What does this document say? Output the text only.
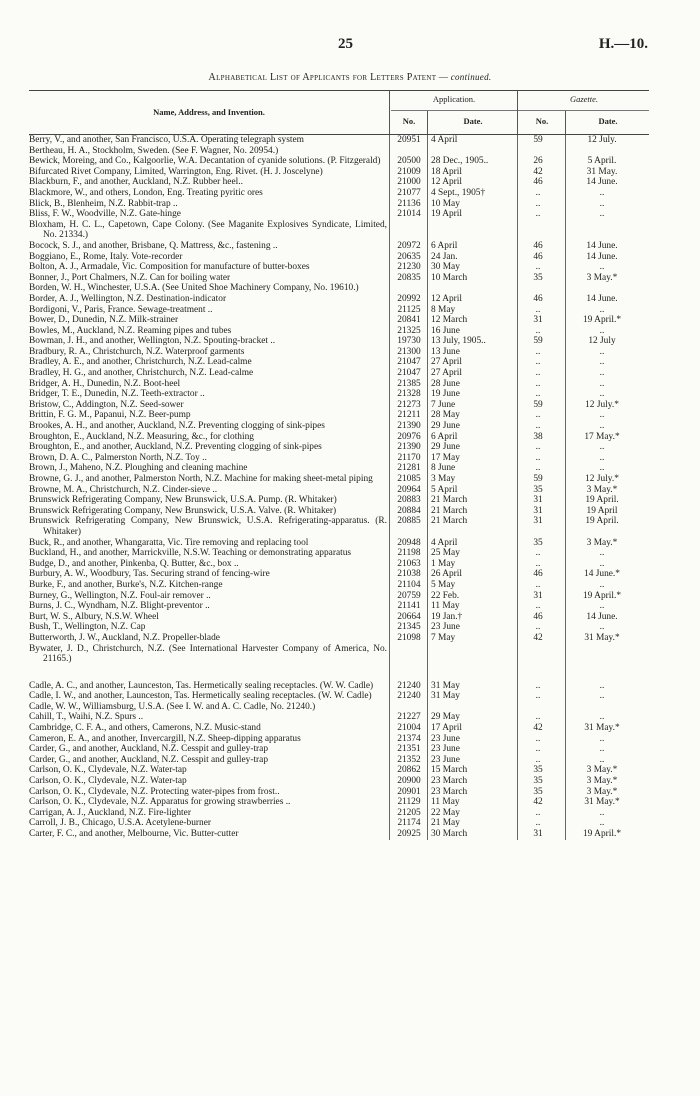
25	H.—10.
Alphabetical List of Applicants for Letters Patent — continued.
Name, Address, and Invention.
Application.	Gazette.
No.	Date.	No.	Date.
Berry, V., and another, San Francisco, U.S.A. Operating telegraph system	20951	4 April	59	12 July.
Bertheau, H. A., Stockholm, Sweden. (See F. Wagner, No. 20954.)
Bewick, Moreing, and Co., Kalgoorlie, W.A. Decantation of cyanide solutions. (P. Fitzgerald)	20500	28 Dec., 1905..	26	5 April.
Bifurcated Rivet Company, Limited, Warrington, Eng. Rivet. (H. J. Joscelyne)	21009	18 April	42	31 May.
Blackburn, F., and another, Auckland, N.Z. Rubber heel..	21000	12 April	46	14 June.
Blackmore, W., and others, London, Eng. Treating pyritic ores	21077	4 Sept., 1905†	..	..
Blick, B., Blenheim, N.Z. Rabbit-trap ..	21136	10 May	..	..
Bliss, F. W., Woodville, N.Z. Gate-hinge	21014	19 April	..	..
Bloxham, H. C. L., Capetown, Cape Colony. (See Maganite Explosives Syndicate, Limited, No. 21334.)
Bocock, S. J., and another, Brisbane, Q. Mattress, &c., fastening ..	20972	6 April	46	14 June.
Boggiano, E., Rome, Italy. Vote-recorder	20635	24 Jan.	46	14 June.
Bolton, A. J., Armadale, Vic. Composition for manufacture of butter-boxes	21230	30 May	..	..
Bonner, J., Port Chalmers, N.Z. Can for boiling water	20835	10 March	35	3 May.*
Borden, W. H., Winchester, U.S.A. (See United Shoe Machinery Company, No. 19610.)
Border, A. J., Wellington, N.Z. Destination-indicator	20992	12 April	46	14 June.
Bordigoni, V., Paris, France. Sewage-treatment ..	21125	8 May	..	..
Bower, D., Dunedin, N.Z. Milk-strainer	20841	12 March	31	19 April.*
Bowles, M., Auckland, N.Z. Reaming pipes and tubes	21325	16 June	..	..
Bowman, J. H., and another, Wellington, N.Z. Spouting-bracket ..	19730	13 July, 1905..	59	12 July
Bradbury, R. A., Christchurch, N.Z. Waterproof garments	21300	13 June	..	..
Bradley, A. E., and another, Christchurch, N.Z. Lead-calme	21047	27 April	..	..
Bradley, H. G., and another, Christchurch, N.Z. Lead-calme	21047	27 April	..	..
Bridger, A. H., Dunedin, N.Z. Boot-heel	21385	28 June	..	..
Bridger, T. E., Dunedin, N.Z. Teeth-extractor ..	21328	19 June	..	..
Bristow, C., Addington, N.Z. Seed-sower	21273	7 June	59	12 July.*
Brittin, F. G. M., Papanui, N.Z. Beer-pump	21211	28 May	..	..
Brookes, A. H., and another, Auckland, N.Z. Preventing clogging of sink-pipes	21390	29 June	..	..
Broughton, E., Auckland, N.Z. Measuring, &c., for clothing	20976	6 April	38	17 May.*
Broughton, E., and another, Auckland, N.Z. Preventing clogging of sink-pipes	21390	29 June	..	..
Brown, D. A. C., Palmerston North, N.Z. Toy ..	21170	17 May	..	..
Brown, J., Maheno, N.Z. Ploughing and cleaning machine	21281	8 June	..	..
Browne, G. J., and another, Palmerston North, N.Z. Machine for making sheet-metal piping	21085	3 May	59	12 July.*
Browne, M. A., Christchurch, N.Z. Cinder-sieve ..	20964	5 April	35	3 May.*
Brunswick Refrigerating Company, New Brunswick, U.S.A. Pump. (R. Whitaker)	20883	21 March	31	19 April.
Brunswick Refrigerating Company, New Brunswick, U.S.A. Valve. (R. Whitaker)	20884	21 March	31	19 April
Brunswick Refrigerating Company, New Brunswick, U.S.A. Refrigerating-apparatus. (R. Whitaker)
20885	21 March	31	19 April.
Buck, R., and another, Whangaratta, Vic. Tire removing and replacing tool	20948	4 April	35	3 May.*
Buckland, H., and another, Marrickville, N.S.W. Teaching or demonstrating apparatus	21198	25 May	..	..
Budge, D., and another, Pinkenba, Q. Butter, &c., box ..	21063	1 May	..	..
Burbury, A. W., Woodbury, Tas. Securing strand of fencing-wire	21038	26 April	46	14 June.*
Burke, F., and another, Burke's, N.Z. Kitchen-range	21104	5 May	..	..
Burney, G., Wellington, N.Z. Foul-air remover ..	20759	22 Feb.	31	19 April.*
Burns, J. C., Wyndham, N.Z. Blight-preventor ..	21141	11 May	..	..
Burt, W. S., Albury, N.S.W. Wheel	20664	19 Jan.†	46	14 June.
Bush, T., Wellington, N.Z. Cap	21345	23 June	..	..
Butterworth, J. W., Auckland, N.Z. Propeller-blade	21098	7 May	42	31 May.*
Bywater, J. D., Christchurch, N.Z. (See International Harvester Company of America, No. 21165.)
Cadle, A. C., and another, Launceston, Tas. Hermetically sealing receptacles. (W. W. Cadle)	21240	31 May	..	..
Cadle, I. W., and another, Launceston, Tas. Hermetically sealing receptacles. (W. W. Cadle)	21240	31 May	..	..
Cadle, W. W., Williamsburg, U.S.A. (See I. W. and A. C. Cadle, No. 21240.)
Cahill, T., Waihi, N.Z. Spurs ..	21227	29 May	..	..
Cambridge, C. F. A., and others, Camerons, N.Z. Music-stand	21004	17 April	42	31 May.*
Cameron, E. A., and another, Invercargill, N.Z. Sheep-dipping apparatus	21374	23 June	..	..
Carder, G., and another, Auckland, N.Z. Cesspit and gulley-trap	21351	23 June	..	..
Carder, G., and another, Auckland, N.Z. Cesspit and gulley-trap	21352	23 June	..	..
Carlson, O. K., Clydevale, N.Z. Water-tap	20862	15 March	35	3 May.*
Carlson, O. K., Clydevale, N.Z. Water-tap	20900	23 March	35	3 May.*
Carlson, O. K., Clydevale, N.Z. Protecting water-pipes from frost..	20901	23 March	35	3 May.*
Carlson, O. K., Clydevale, N.Z. Apparatus for growing strawberries ..	21129	11 May	42	31 May.*
Carrigan, A. J., Auckland, N.Z. Fire-lighter	21205	22 May	..	..
Carroll, J. B., Chicago, U.S.A. Acetylene-burner	21174	21 May	..	..
Carter, F. C., and another, Melbourne, Vic. Butter-cutter	20925	30 March	31	19 April.*
